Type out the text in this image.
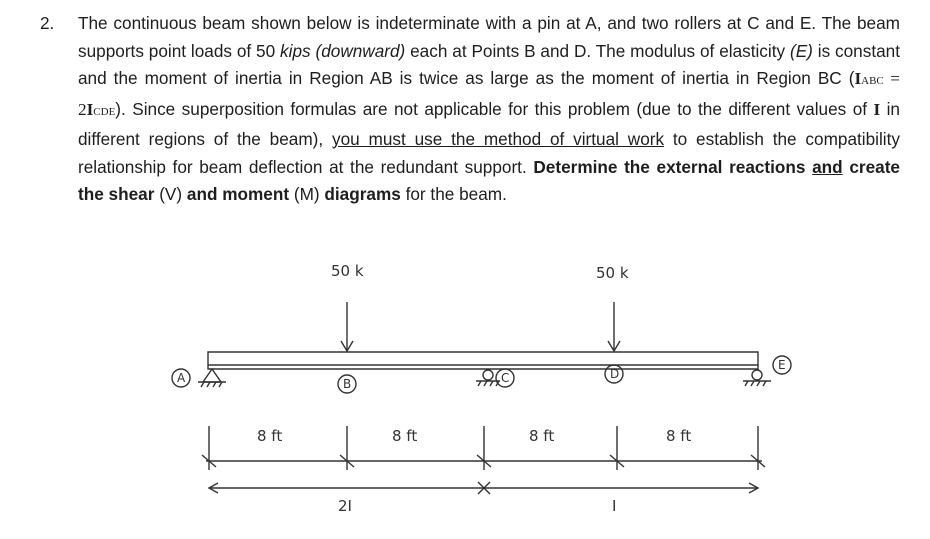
2. The continuous beam shown below is indeterminate with a pin at A, and two rollers at C and E. The beam supports point loads of 50 kips (downward) each at Points B and D. The modulus of elasticity (E) is constant and the moment of inertia in Region AB is twice as large as the moment of inertia in Region BC (IABC = 2ICDE). Since superposition formulas are not applicable for this problem (due to the different values of I in different regions of the beam), you must use the method of virtual work to establish the compatibility relationship for beam deflection at the redundant support. Determine the external reactions and create the shear (V) and moment (M) diagrams for the beam.
50 k	50 k
A	B	C	D
E
8 ft	8 ft	8 ft	8 ft
2I	I
